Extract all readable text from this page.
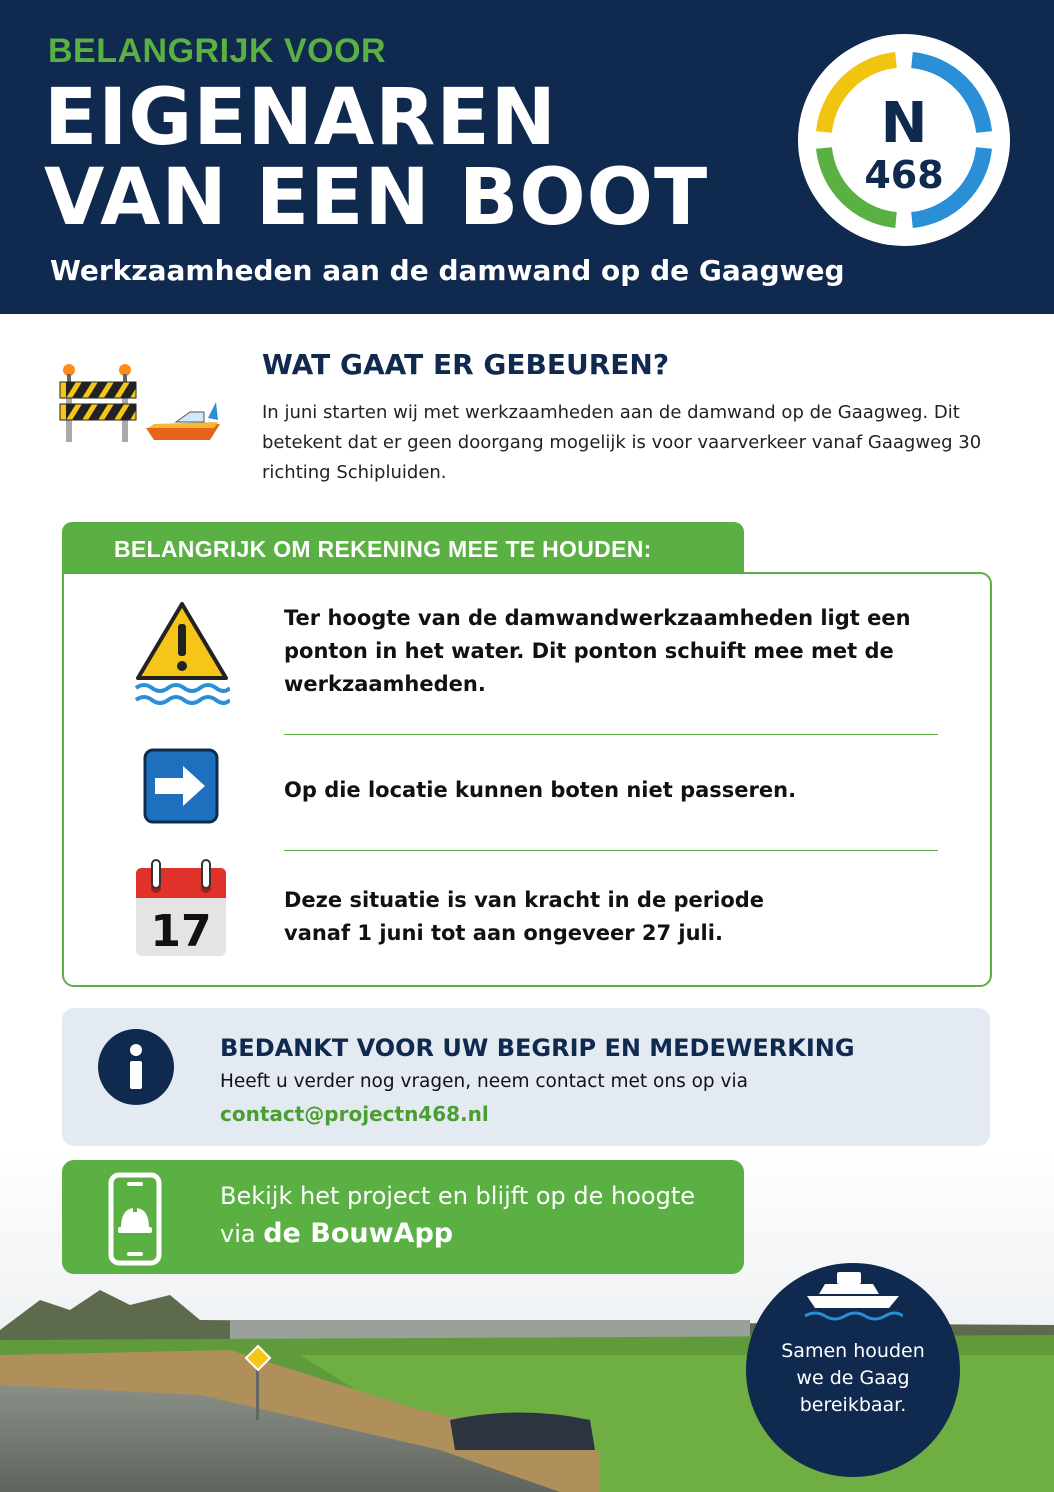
BELANGRIJK VOOR
EIGENAREN
VAN EEN BOOT
Werkzaamheden aan de damwand op de Gaagweg
N
468
WAT GAAT ER GEBEUREN?
In juni starten wij met werkzaamheden aan de damwand op de Gaagweg. Dit betekent dat er geen doorgang mogelijk is voor vaarverkeer vanaf Gaagweg 30 richting Schipluiden.
BELANGRIJK OM REKENING MEE TE HOUDEN:
Ter hoogte van de damwandwerkzaamheden ligt een
ponton in het water. Dit ponton schuift mee met de
werkzaamheden.
Op die locatie kunnen boten niet passeren.
17
Deze situatie is van kracht in de periode
vanaf 1 juni tot aan ongeveer 27 juli.
BEDANKT VOOR UW BEGRIP EN MEDEWERKING
Heeft u verder nog vragen, neem contact met ons op via
contact@projectn468.nl
Bekijk het project en blijft op de hoogte
via de BouwApp
Samen houden
we de Gaag
bereikbaar.
